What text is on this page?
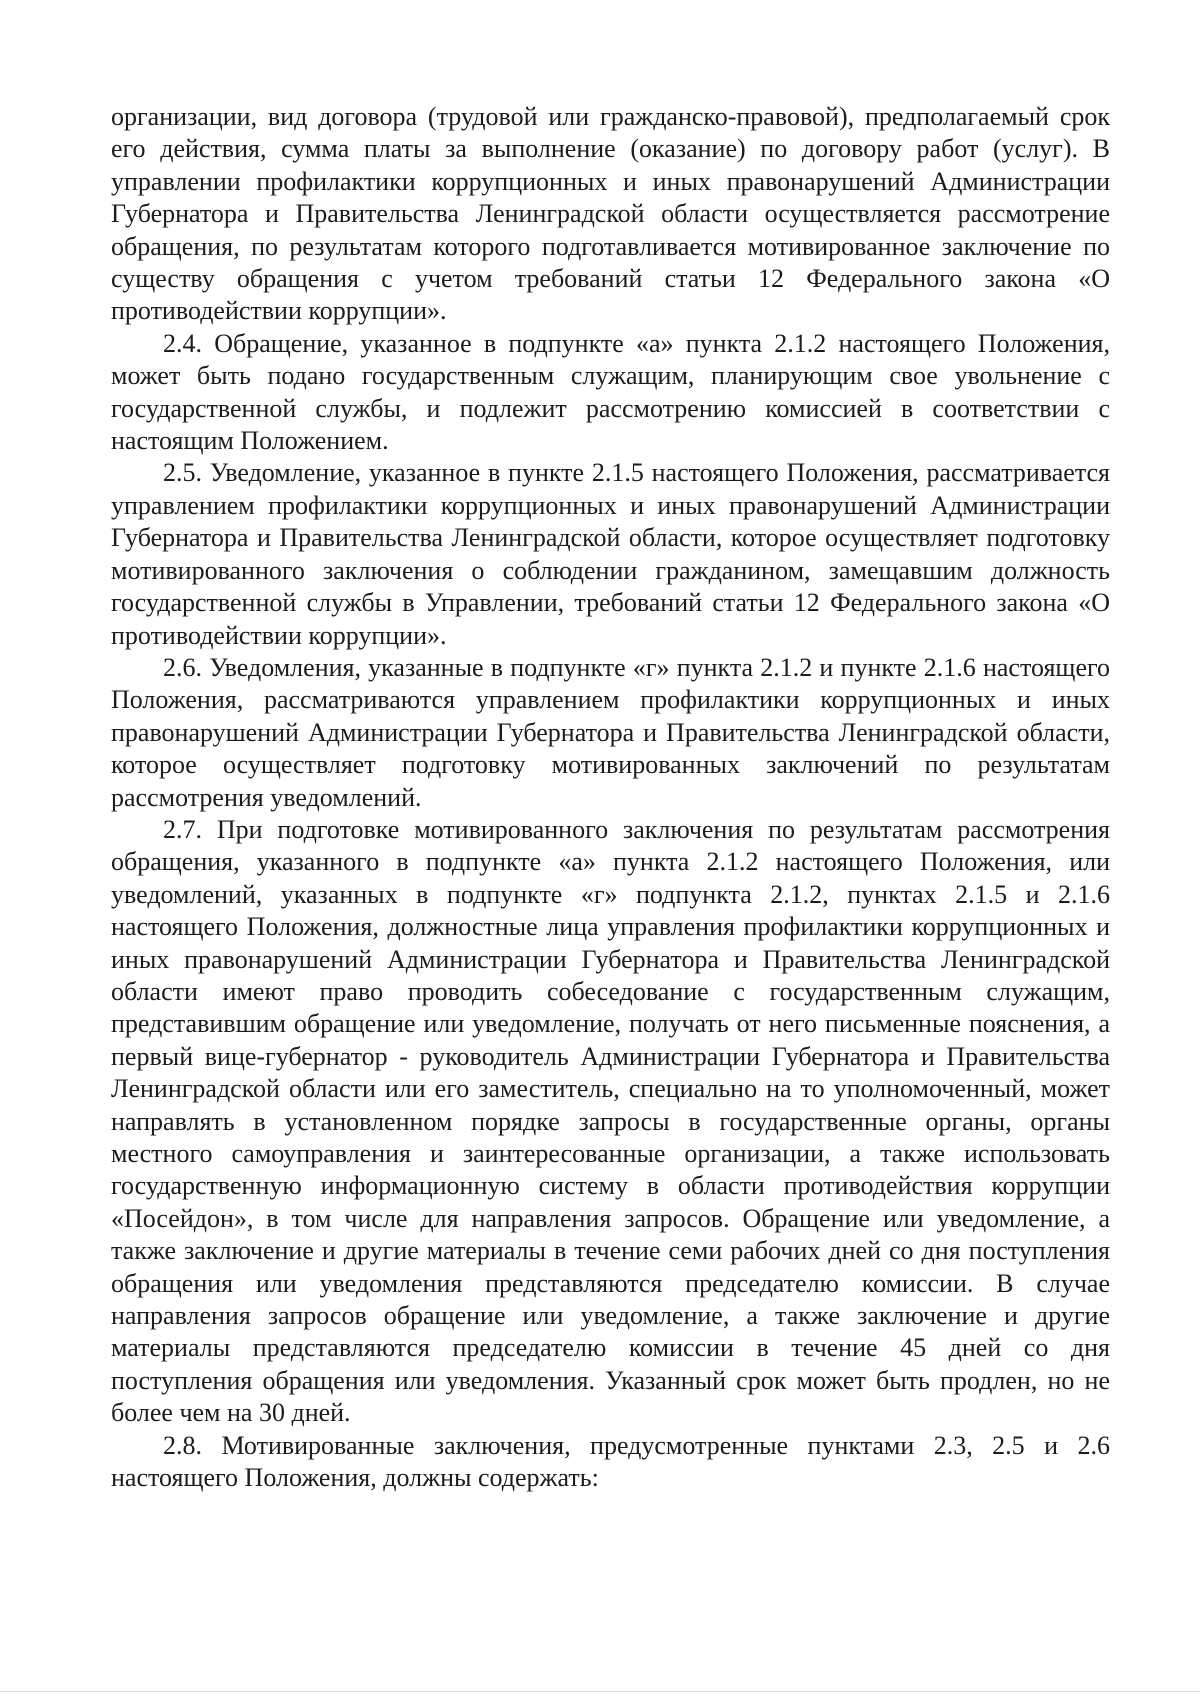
организации, вид договора (трудовой или гражданско-правовой), предполагаемый срок его действия, сумма платы за выполнение (оказание) по договору работ (услуг). В управлении профилактики коррупционных и иных правонарушений Администрации Губернатора и Правительства Ленинградской области осуществляется рассмотрение обращения, по результатам которого подготавливается мотивированное заключение по существу обращения с учетом требований статьи 12 Федерального закона «О противодействии коррупции».

2.4. Обращение, указанное в подпункте «а» пункта 2.1.2 настоящего Положения, может быть подано государственным служащим, планирующим свое увольнение с государственной службы, и подлежит рассмотрению комиссией в соответствии с настоящим Положением.

2.5. Уведомление, указанное в пункте 2.1.5 настоящего Положения, рассматривается управлением профилактики коррупционных и иных правонарушений Администрации Губернатора и Правительства Ленинградской области, которое осуществляет подготовку мотивированного заключения о соблюдении гражданином, замещавшим должность государственной службы в Управлении, требований статьи 12 Федерального закона «О противодействии коррупции».

2.6. Уведомления, указанные в подпункте «г» пункта 2.1.2 и пункте 2.1.6 настоящего Положения, рассматриваются управлением профилактики коррупционных и иных правонарушений Администрации Губернатора и Правительства Ленинградской области, которое осуществляет подготовку мотивированных заключений по результатам рассмотрения уведомлений.

2.7. При подготовке мотивированного заключения по результатам рассмотрения обращения, указанного в подпункте «а» пункта 2.1.2 настоящего Положения, или уведомлений, указанных в подпункте «г» подпункта 2.1.2, пунктах 2.1.5 и 2.1.6 настоящего Положения, должностные лица управления профилактики коррупционных и иных правонарушений Администрации Губернатора и Правительства Ленинградской области имеют право проводить собеседование с государственным служащим, представившим обращение или уведомление, получать от него письменные пояснения, а первый вице-губернатор - руководитель Администрации Губернатора и Правительства Ленинградской области или его заместитель, специально на то уполномоченный, может направлять в установленном порядке запросы в государственные органы, органы местного самоуправления и заинтересованные организации, а также использовать государственную информационную систему в области противодействия коррупции «Посейдон», в том числе для направления запросов. Обращение или уведомление, а также заключение и другие материалы в течение семи рабочих дней со дня поступления обращения или уведомления представляются председателю комиссии. В случае направления запросов обращение или уведомление, а также заключение и другие материалы представляются председателю комиссии в течение 45 дней со дня поступления обращения или уведомления. Указанный срок может быть продлен, но не более чем на 30 дней.

2.8. Мотивированные заключения, предусмотренные пунктами 2.3, 2.5 и 2.6 настоящего Положения, должны содержать:
